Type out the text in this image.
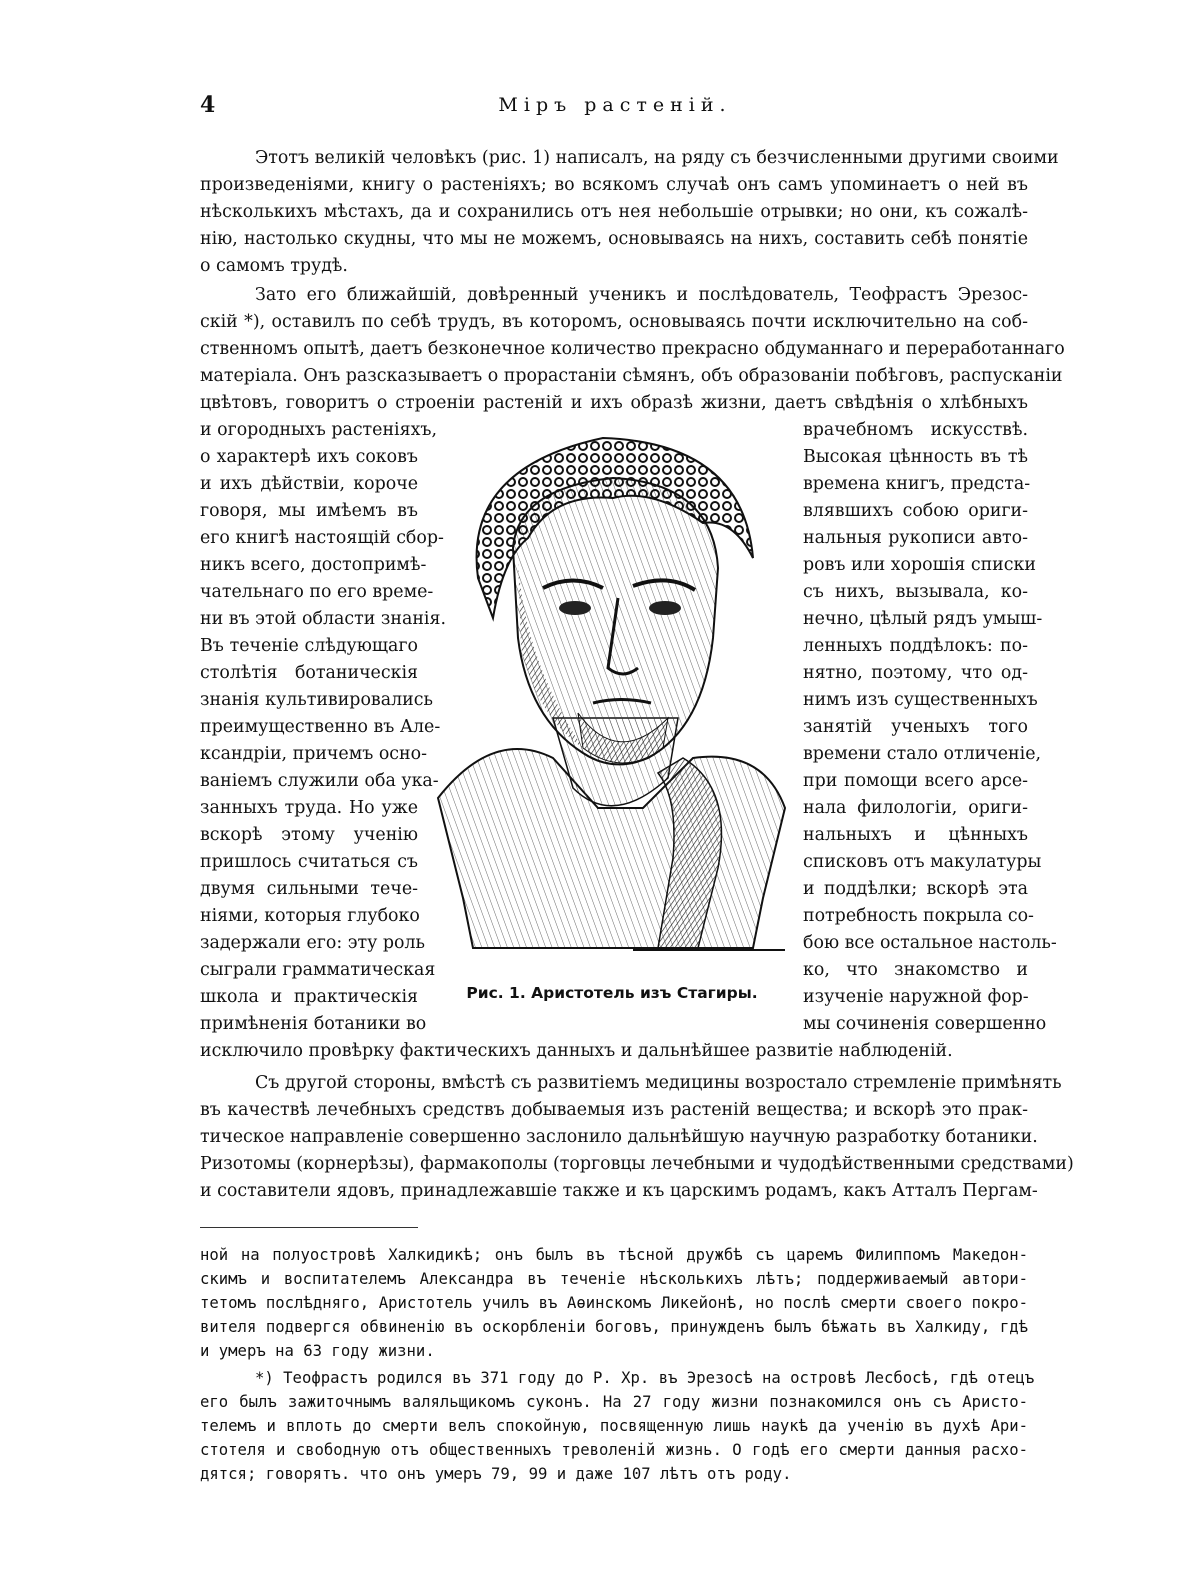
4	Міръ растеній.
Этотъ великій человѣкъ (рис. 1) написалъ, на ряду съ безчисленными другими своими
произведеніями, книгу о растеніяхъ; во всякомъ случаѣ онъ самъ упоминаетъ о ней въ
нѣсколькихъ мѣстахъ, да и сохранились отъ нея небольшіе отрывки; но они, къ сожалѣ-
нію, настолько скудны, что мы не можемъ, основываясь на нихъ, составить себѣ понятіе
о самомъ трудѣ.
Зато его ближайшій, довѣренный ученикъ и послѣдователь, Теофрастъ Эрезос-
скій *), оставилъ по себѣ трудъ, въ которомъ, основываясь почти исключительно на соб-
ственномъ опытѣ, даетъ безконечное количество прекрасно обдуманнаго и переработаннаго
матеріала. Онъ разсказываетъ о прорастаніи сѣмянъ, объ образованіи побѣговъ, распусканіи
цвѣтовъ, говоритъ о строеніи растеній и ихъ образѣ жизни, даетъ свѣдѣнія о хлѣбныхъ
и огородныхъ растеніяхъ,
о характерѣ ихъ соковъ
и ихъ дѣйствіи, короче
говоря, мы имѣемъ въ
его книгѣ настоящій сбор-
никъ всего, достопримѣ-
чательнаго по его време-
ни въ этой области знанія.
Въ теченіе слѣдующаго
столѣтія ботаническія
знанія культивировались
преимущественно въ Але-
ксандріи, причемъ осно-
ваніемъ служили оба ука-
занныхъ труда. Но уже
вскорѣ этому ученію
пришлось считаться съ
двумя сильными тече-
ніями, которыя глубоко
задержали его: эту роль
сыграли грамматическая
школа и практическія
примѣненія ботаники во
врачебномъ искусствѣ.
Высокая цѣнность въ тѣ
времена книгъ, предста-
влявшихъ собою ориги-
нальныя рукописи авто-
ровъ или хорошія списки
съ нихъ, вызывала, ко-
нечно, цѣлый рядъ умыш-
ленныхъ поддѣлокъ: по-
нятно, поэтому, что од-
нимъ изъ существенныхъ
занятій ученыхъ того
времени стало отличеніе,
при помощи всего арсе-
нала филологіи, ориги-
нальныхъ и цѣнныхъ
списковъ отъ макулатуры
и поддѣлки; вскорѣ эта
потребность покрыла со-
бою все остальное настоль-
ко, что знакомство и
изученіе наружной фор-
мы сочиненія совершенно
Рис. 1. Аристотель изъ Стагиры.
исключило провѣрку фактическихъ данныхъ и дальнѣйшее развитіе наблюденій.
Съ другой стороны, вмѣстѣ съ развитіемъ медицины возростало стремленіе примѣнять
въ качествѣ лечебныхъ средствъ добываемыя изъ растеній вещества; и вскорѣ это прак-
тическое направленіе совершенно заслонило дальнѣйшую научную разработку ботаники.
Ризотомы (корнерѣзы), фармакополы (торговцы лечебными и чудодѣйственными средствами)
и составители ядовъ, принадлежавшіе также и къ царскимъ родамъ, какъ Атталъ Пергам-
ной на полуостровѣ Халкидикѣ; онъ былъ въ тѣсной дружбѣ съ царемъ Филиппомъ Македон-
скимъ и воспитателемъ Александра въ теченіе нѣсколькихъ лѣтъ; поддерживаемый автори-
тетомъ послѣдняго, Аристотель училъ въ Аѳинскомъ Ликейонѣ, но послѣ смерти своего покро-
вителя подвергся обвиненію въ оскорбленіи боговъ, принужденъ былъ бѣжать въ Халкиду, гдѣ
и умеръ на 63 году жизни.
*) Теофрастъ родился въ 371 году до Р. Хр. въ Эрезосѣ на островѣ Лесбосѣ, гдѣ отецъ
его былъ зажиточнымъ валяльщикомъ суконъ. На 27 году жизни познакомился онъ съ Аристо-
телемъ и вплоть до смерти велъ спокойную, посвященную лишь наукѣ да ученію въ духѣ Ари-
стотеля и свободную отъ общественныхъ треволеній жизнь. О годѣ его смерти данныя расхо-
дятся; говорятъ. что онъ умеръ 79, 99 и даже 107 лѣтъ отъ роду.
